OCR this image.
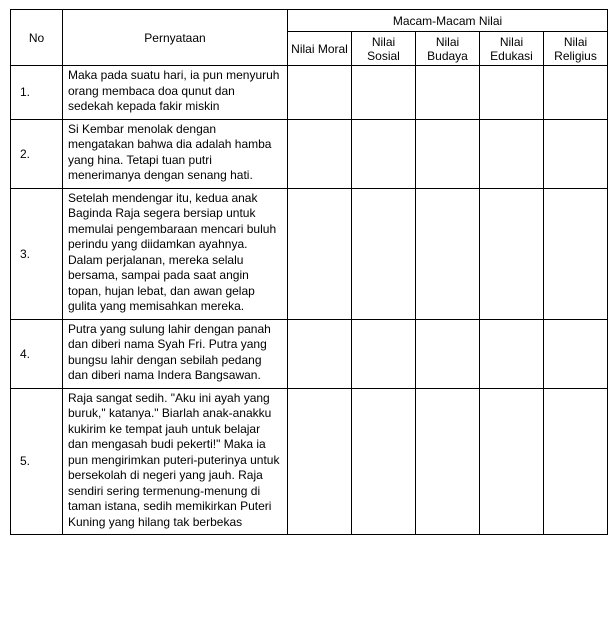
No	Pernyataan	Macam-Macam Nilai				
		Nilai Moral	Nilai Sosial	Nilai Budaya	Nilai Edukasi	Nilai Religius
1.	Maka pada suatu hari, ia pun menyuruh orang membaca doa qunut dan sedekah kepada fakir miskin					
2.	Si Kembar menolak dengan mengatakan bahwa dia adalah hamba yang hina. Tetapi tuan putri menerimanya dengan senang hati.					
3.	Setelah mendengar itu, kedua anak Baginda Raja segera bersiap untuk memulai pengembaraan mencari buluh perindu yang diidamkan ayahnya. Dalam perjalanan, mereka selalu bersama, sampai pada saat angin topan, hujan lebat, dan awan gelap gulita yang memisahkan mereka.					
4.	Putra yang sulung lahir dengan panah dan diberi nama Syah Fri. Putra yang bungsu lahir dengan sebilah pedang dan diberi nama Indera Bangsawan.					
5.	Raja sangat sedih. "Aku ini ayah yang buruk," katanya." Biarlah anak-anakku kukirim ke tempat jauh untuk belajar dan mengasah budi pekerti!" Maka ia pun mengirimkan puteri-puterinya untuk bersekolah di negeri yang jauh. Raja sendiri sering termenung-menung di taman istana, sedih memikirkan Puteri Kuning yang hilang tak berbekas					
